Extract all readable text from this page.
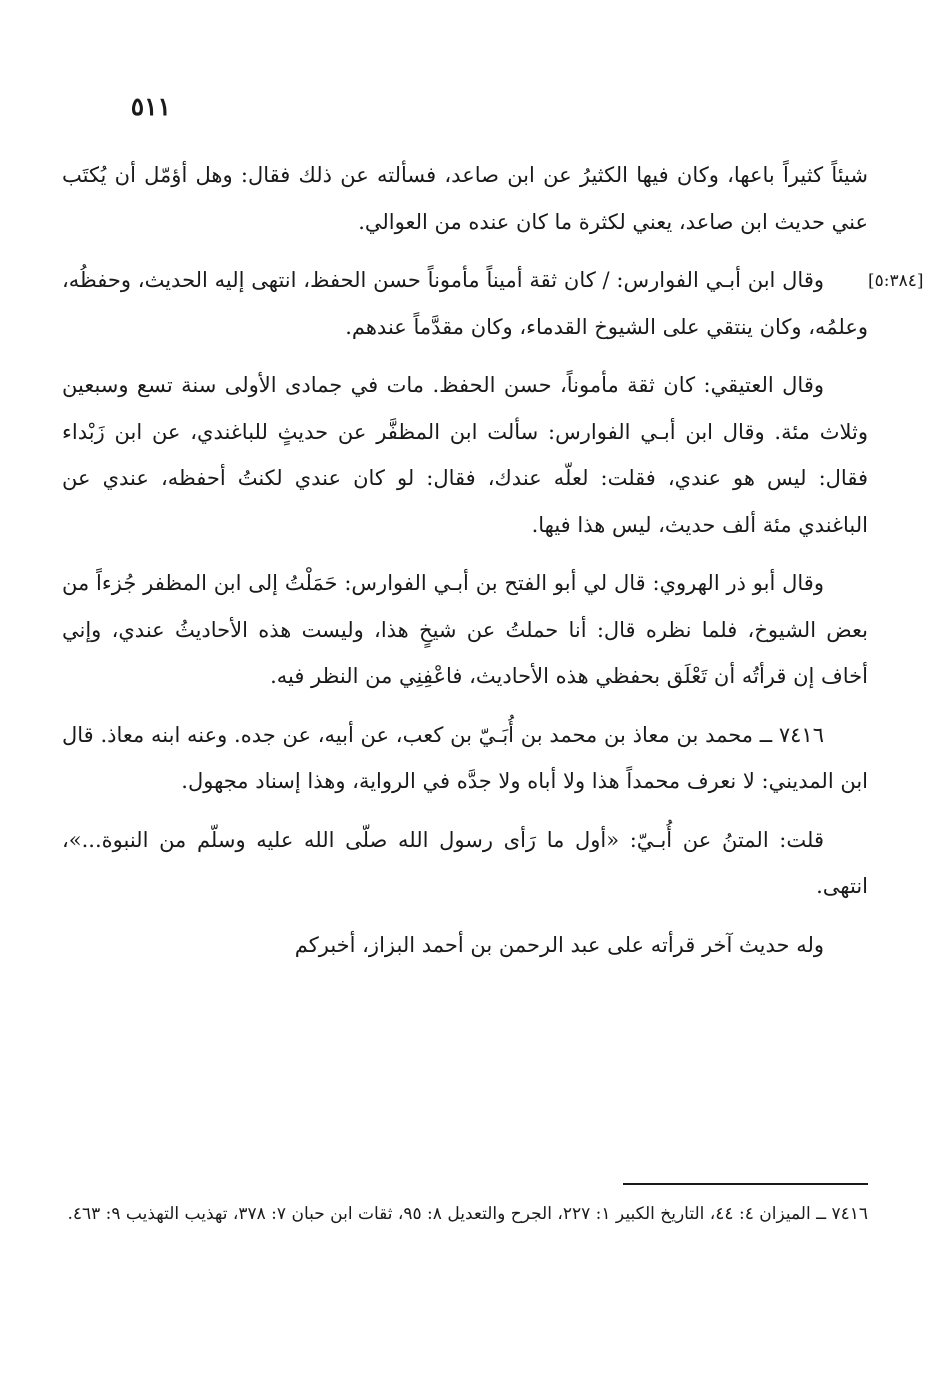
٥١١
[٥:٣٨٤]

شيئاً كثيراً باعها، وكان فيها الكثيرُ عن ابن صاعد، فسألته عن ذلك فقال: وهل أؤمّل أن يُكتَب عني حديث ابن صاعد، يعني لكثرة ما كان عنده من العوالي.

وقال ابن أبـي الفوارس: / كان ثقة أميناً مأموناً حسن الحفظ، انتهى إليه الحديث، وحفظُه، وعلمُه، وكان ينتقي على الشيوخ القدماء، وكان مقدَّماً عندهم.

وقال العتيقي: كان ثقة مأموناً، حسن الحفظ. مات في جمادى الأولى سنة تسع وسبعين وثلاث مئة. وقال ابن أبـي الفوارس: سألت ابن المظفَّر عن حديثٍ للباغندي، عن ابن زَبْداء فقال: ليس هو عندي، فقلت: لعلّه عندك، فقال: لو كان عندي لكنتُ أحفظه، عندي عن الباغندي مئة ألف حديث، ليس هذا فيها.

وقال أبو ذر الهروي: قال لي أبو الفتح بن أبـي الفوارس: حَمَلْتُ إلى ابن المظفر جُزءاً من بعض الشيوخ، فلما نظره قال: أنا حملتُ عن شيخٍ هذا، وليست هذه الأحاديثُ عندي، وإني أخاف إن قرأتُه أن تَعْلَق بحفظي هذه الأحاديث، فاعْفِنِي من النظر فيه.

٧٤١٦ ــ محمد بن معاذ بن محمد بن أُبَـيّ بن كعب، عن أبيه، عن جده. وعنه ابنه معاذ. قال ابن المديني: لا نعرف محمداً هذا ولا أباه ولا جدَّه في الرواية، وهذا إسناد مجهول.

قلت: المتنُ عن أُبـيّ: «أول ما رَأى رسول الله صلّى الله عليه وسلّم من النبوة...»، انتهى.

وله حديث آخر قرأته على عبد الرحمن بن أحمد البزاز، أخبركم

٧٤١٦ ــ الميزان ٤: ٤٤، التاريخ الكبير ١: ٢٢٧، الجرح والتعديل ٨: ٩٥، ثقات ابن حبان ٧: ٣٧٨، تهذيب التهذيب ٩: ٤٦٣.
